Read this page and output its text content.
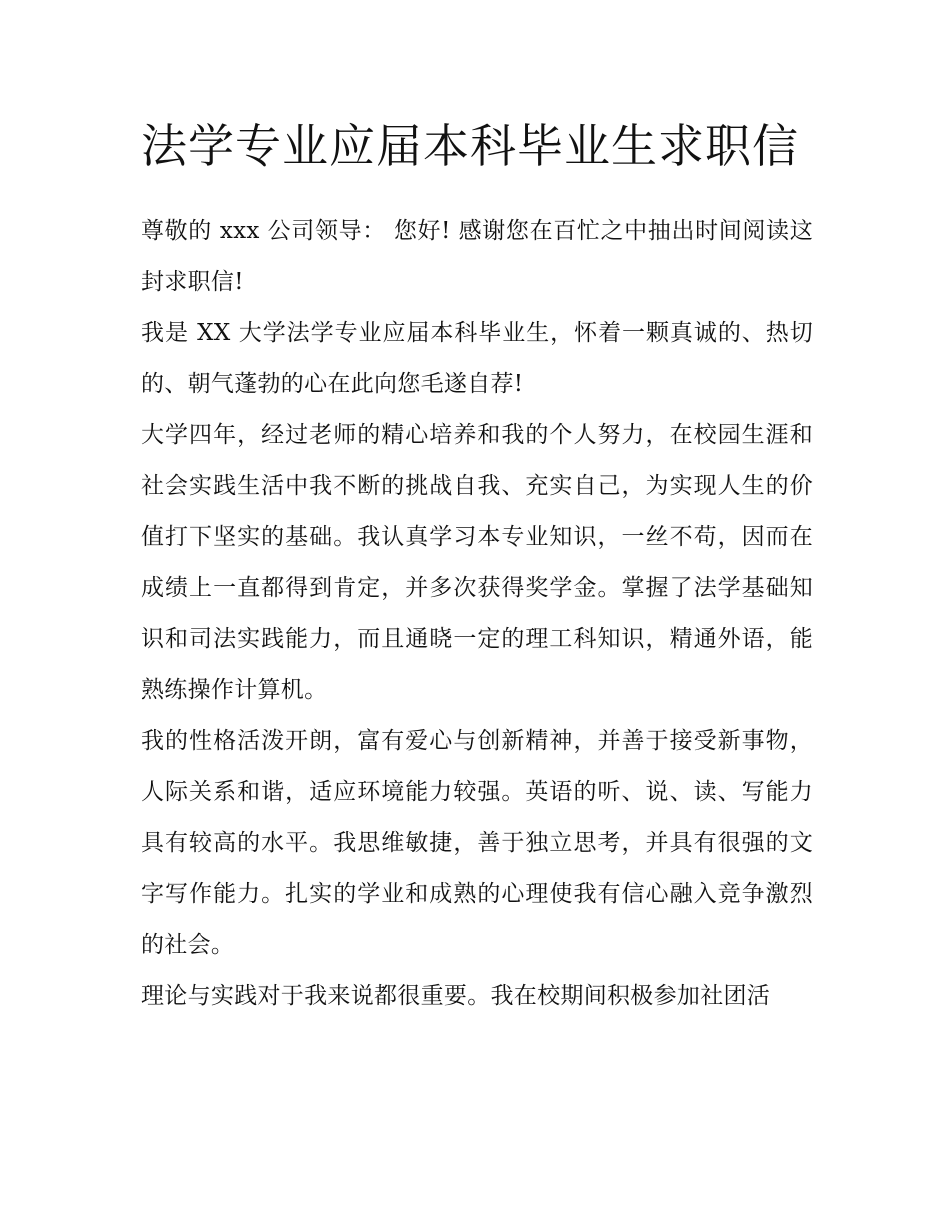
法学专业应届本科毕业生求职信

尊敬的 xxx 公司领导： 您好! 感谢您在百忙之中抽出时间阅读这封求职信!

我是 XX 大学法学专业应届本科毕业生，怀着一颗真诚的、热切的、朝气蓬勃的心在此向您毛遂自荐!

大学四年，经过老师的精心培养和我的个人努力，在校园生涯和社会实践生活中我不断的挑战自我、充实自己，为实现人生的价值打下坚实的基础。我认真学习本专业知识，一丝不苟，因而在成绩上一直都得到肯定，并多次获得奖学金。掌握了法学基础知识和司法实践能力，而且通晓一定的理工科知识，精通外语，能熟练操作计算机。

我的性格活泼开朗，富有爱心与创新精神，并善于接受新事物，人际关系和谐，适应环境能力较强。英语的听、说、读、写能力具有较高的水平。我思维敏捷，善于独立思考，并具有很强的文字写作能力。扎实的学业和成熟的心理使我有信心融入竞争激烈的社会。

理论与实践对于我来说都很重要。我在校期间积极参加社团活
